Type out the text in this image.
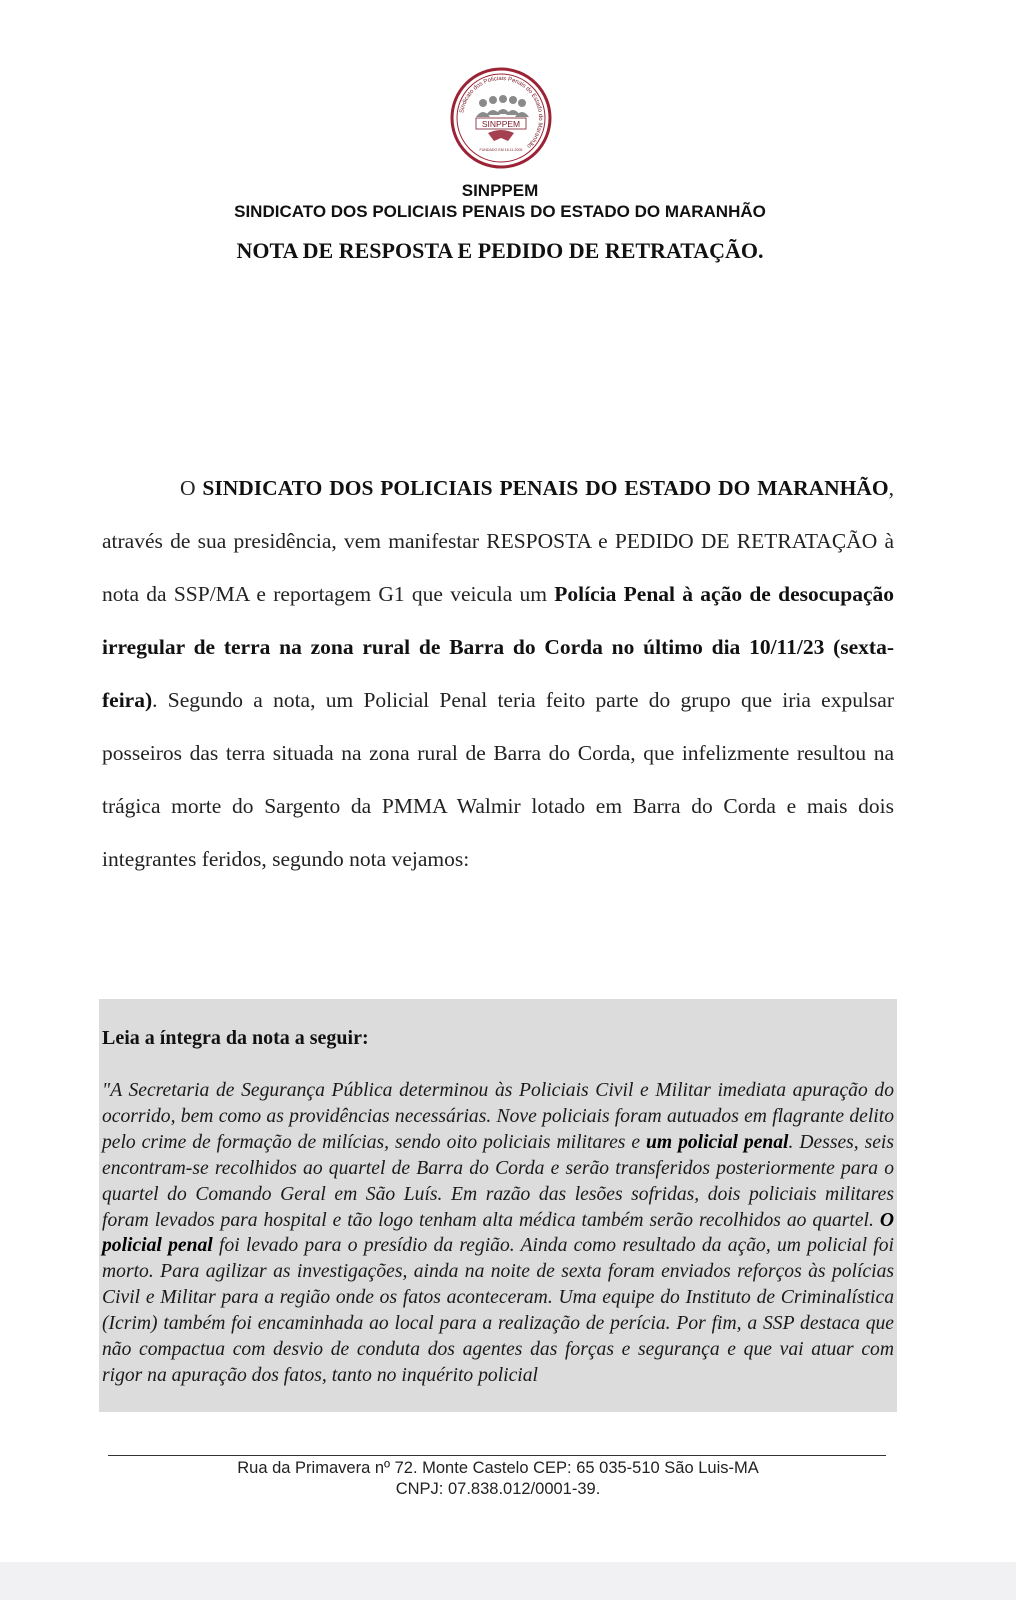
Sindicato dos Policiais Penais do Estado do Maranhão
SINPPEM
FUNDADO EM 16.11.2005
SINPPEM
SINDICATO DOS POLICIAIS PENAIS DO ESTADO DO MARANHÃO
NOTA DE RESPOSTA E PEDIDO DE RETRATAÇÃO.

O SINDICATO DOS POLICIAIS PENAIS DO ESTADO DO MARANHÃO, através de sua presidência, vem manifestar RESPOSTA e PEDIDO DE RETRATAÇÃO à nota da SSP/MA e reportagem G1 que veicula um Polícia Penal à ação de desocupação irregular de terra na zona rural de Barra do Corda no último dia 10/11/23 (sexta-feira). Segundo a nota, um Policial Penal teria feito parte do grupo que iria expulsar posseiros das terra situada na zona rural de Barra do Corda, que infelizmente resultou na trágica morte do Sargento da PMMA Walmir lotado em Barra do Corda e mais dois integrantes feridos, segundo nota vejamos:

Leia a íntegra da nota a seguir:
"A Secretaria de Segurança Pública determinou às Policiais Civil e Militar imediata apuração do ocorrido, bem como as providências necessárias. Nove policiais foram autuados em flagrante delito pelo crime de formação de milícias, sendo oito policiais militares e um policial penal. Desses, seis encontram-se recolhidos ao quartel de Barra do Corda e serão transferidos posteriormente para o quartel do Comando Geral em São Luís. Em razão das lesões sofridas, dois policiais militares foram levados para hospital e tão logo tenham alta médica também serão recolhidos ao quartel. O policial penal foi levado para o presídio da região. Ainda como resultado da ação, um policial foi morto. Para agilizar as investigações, ainda na noite de sexta foram enviados reforços às polícias Civil e Militar para a região onde os fatos aconteceram. Uma equipe do Instituto de Criminalística (Icrim) também foi encaminhada ao local para a realização de perícia. Por fim, a SSP destaca que não compactua com desvio de conduta dos agentes das forças e segurança e que vai atuar com rigor na apuração dos fatos, tanto no inquérito policial
Rua da Primavera nº 72. Monte Castelo CEP: 65 035-510 São Luis-MA
CNPJ: 07.838.012/0001-39.
